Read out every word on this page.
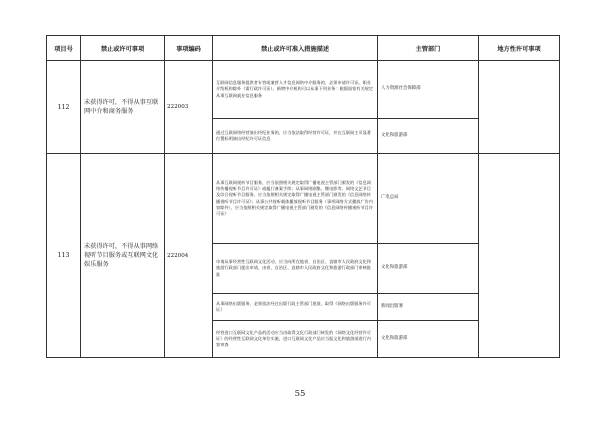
项目号	禁止或许可事项	事项编码	禁止或许可准入措施描述	主管部门	地方性许可事项
112	未获得许可，不得从事互联网中介和商务服务	222003	互联网信息服务提供者专营或兼营人才信息网络中介服务的，必须申请许可证。职业介绍机构除外（需行政许可证）。新增中介机构可以从事下列业务：根据国家有关规定从事互联网就业信息服务	人力资源社会保障部	
			通过互联网络经营演出经纪业务的，应当依法取得经营许可证，并在互联网主页显著位置标明演出经纪许可证信息	文化和旅游部	
113	未获得许可，不得从事网络视听节目服务或互联网文化娱乐服务	222004	从事互联网视听节目服务，应当依照相关规定取得广播电视主管部门颁发的《信息网络传播视听节目许可证》或履行备案手续；从事网络剧集、微电影等、网络文艺节目及综合视听节目服务，应当依照相关规定取得广播电视主管部门颁发的《信息网络传播视听节目许可证》；从事公共视听载体播放视听节目服务（事项网络方式播放广告内容除外），应当依照相关规定取得广播电视主管部门颁发的《信息网络传播视听节目许可证》	广电总局	
			申请从事经营性互联网文化活动，应当向所在地省、自治区、直辖市人民政府文化和旅游行政部门提出申请，由省、自治区、直辖市人民政府文化和旅游行政部门审核批准	文化和旅游部	
			从事网络出版服务，必须依法经过出版行政主管部门批准，取得《网络出版服务许可证》	新闻出版署	
			经营进口互联网文化产品的活动应当由取得文化行政部门核发的《网络文化经营许可证》的经营性互联网文化单位实施，进口互联网文化产品应当报文化和旅游部进行内容审查	文化和旅游部	
55
